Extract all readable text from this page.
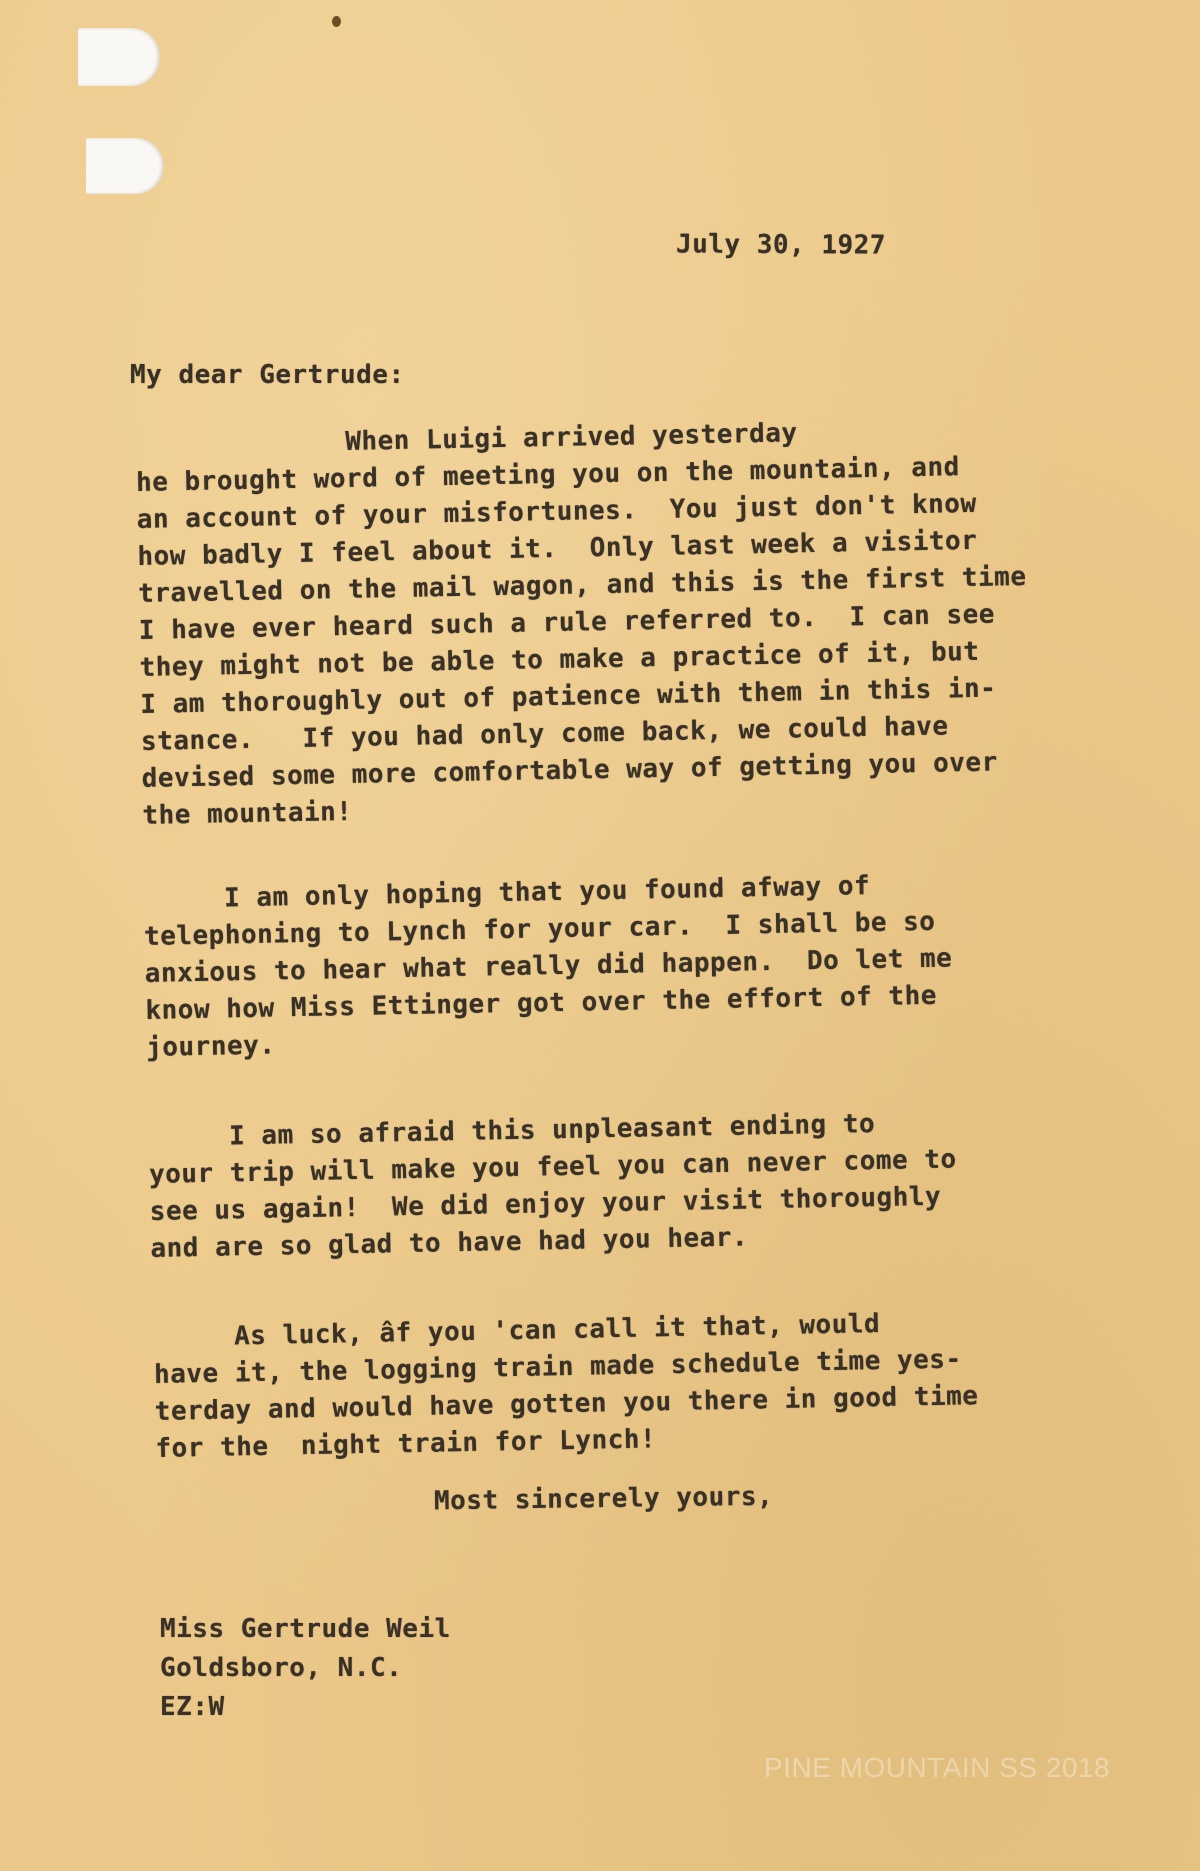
July 30, 1927
My dear Gertrude:
When Luigi arrived yesterday
he brought word of meeting you on the mountain, and
an account of your misfortunes.  You just don't know
how badly I feel about it.  Only last week a visitor
travelled on the mail wagon, and this is the first time
I have ever heard such a rule referred to.  I can see
they might not be able to make a practice of it, but
I am thoroughly out of patience with them in this in-
stance.   If you had only come back, we could have
devised some more comfortable way of getting you over
the mountain!
I am only hoping that you found afway of
telephoning to Lynch for your car.  I shall be so
anxious to hear what really did happen.  Do let me
know how Miss Ettinger got over the effort of the
journey.
I am so afraid this unpleasant ending to
your trip will make you feel you can never come to
see us again!  We did enjoy your visit thoroughly
and are so glad to have had you hear.
As luck, âf you 'can call it that, would
have it, the logging train made schedule time yes-
terday and would have gotten you there in good time
for the  night train for Lynch!
Most sincerely yours,
Miss Gertrude Weil
Goldsboro, N.C.
EZ:W
PINE MOUNTAIN SS 2018
